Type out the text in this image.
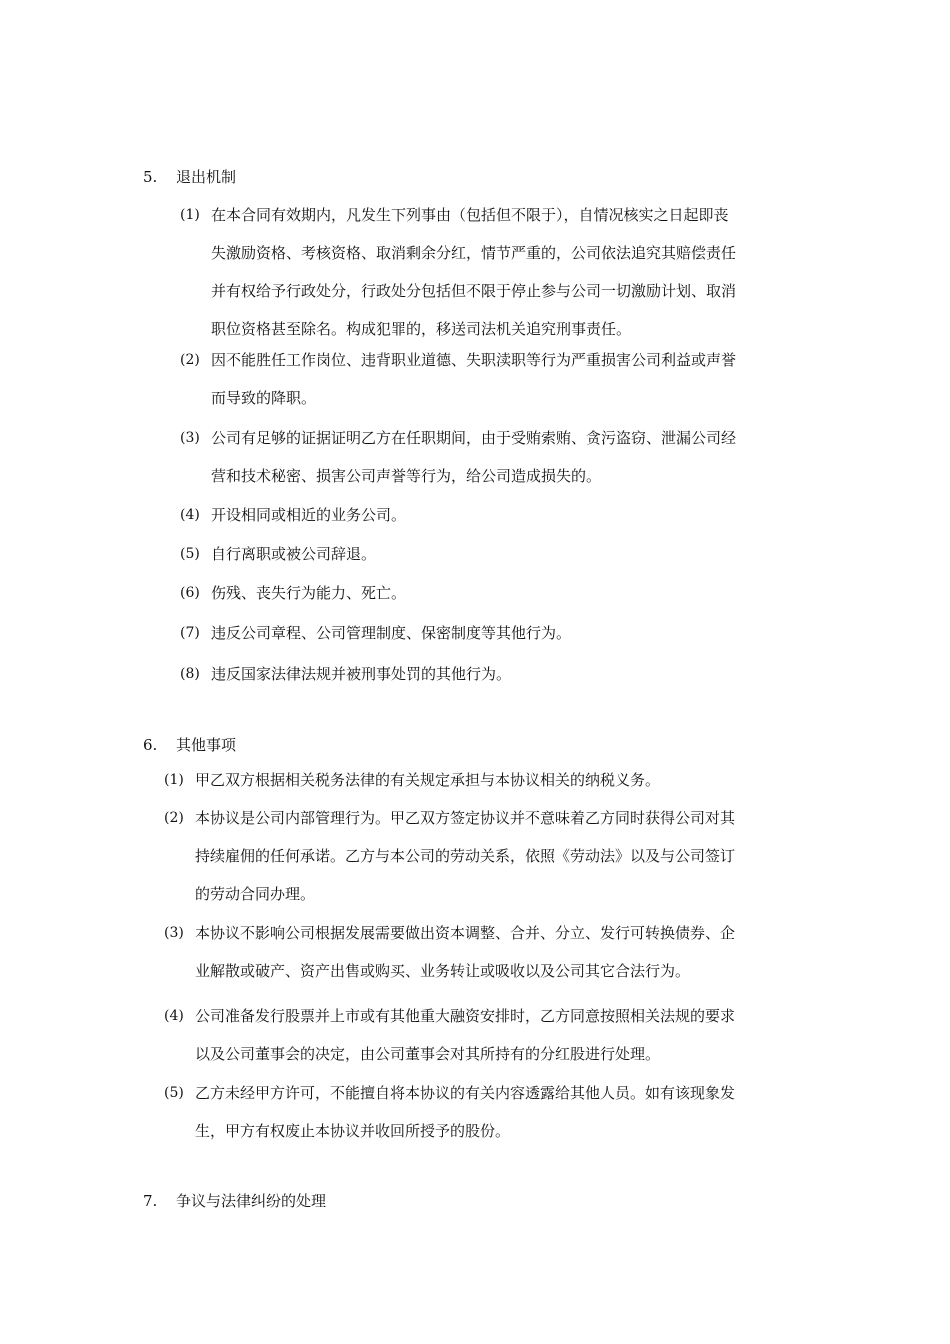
5. 退出机制
(1) 在本合同有效期内，凡发生下列事由（包括但不限于），自情况核实之日起即丧
失激励资格、考核资格、取消剩余分红，情节严重的，公司依法追究其赔偿责任
并有权给予行政处分，行政处分包括但不限于停止参与公司一切激励计划、取消
职位资格甚至除名。构成犯罪的，移送司法机关追究刑事责任。
(2) 因不能胜任工作岗位、违背职业道德、失职渎职等行为严重损害公司利益或声誉
而导致的降职。
(3) 公司有足够的证据证明乙方在任职期间，由于受贿索贿、贪污盗窃、泄漏公司经
营和技术秘密、损害公司声誉等行为，给公司造成损失的。
(4) 开设相同或相近的业务公司。
(5) 自行离职或被公司辞退。
(6) 伤残、丧失行为能力、死亡。
(7) 违反公司章程、公司管理制度、保密制度等其他行为。
(8) 违反国家法律法规并被刑事处罚的其他行为。
6. 其他事项
(1) 甲乙双方根据相关税务法律的有关规定承担与本协议相关的纳税义务。
(2) 本协议是公司内部管理行为。甲乙双方签定协议并不意味着乙方同时获得公司对其
持续雇佣的任何承诺。乙方与本公司的劳动关系，依照《劳动法》以及与公司签订
的劳动合同办理。
(3) 本协议不影响公司根据发展需要做出资本调整、合并、分立、发行可转换债券、企
业解散或破产、资产出售或购买、业务转让或吸收以及公司其它合法行为。
(4) 公司准备发行股票并上市或有其他重大融资安排时，乙方同意按照相关法规的要求
以及公司董事会的决定，由公司董事会对其所持有的分红股进行处理。
(5) 乙方未经甲方许可，不能擅自将本协议的有关内容透露给其他人员。如有该现象发
生，甲方有权废止本协议并收回所授予的股份。
7. 争议与法律纠纷的处理
